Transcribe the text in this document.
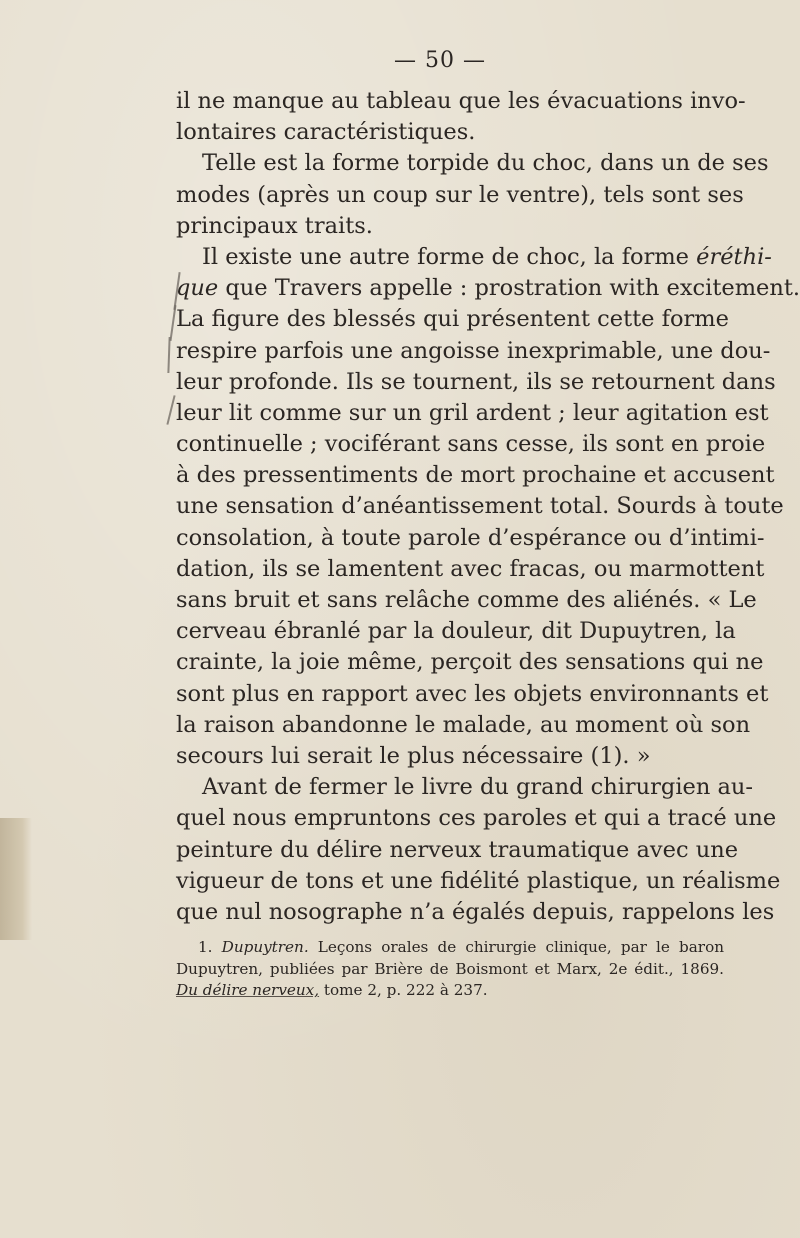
— 50 —
il ne manque au tableau que les évacuations invo-
lontaires caractéristiques.
Telle est la forme torpide du choc, dans un de ses
modes (après un coup sur le ventre), tels sont ses
principaux traits.
Il existe une autre forme de choc, la forme éréthi-
que que Travers appelle : prostration with excitement.
La figure des blessés qui présentent cette forme
respire parfois une angoisse inexprimable, une dou-
leur profonde. Ils se tournent, ils se retournent dans
leur lit comme sur un gril ardent ; leur agitation est
continuelle ; vociférant sans cesse, ils sont en proie
à des pressentiments de mort prochaine et accusent
une sensation d’anéantissement total. Sourds à toute
consolation, à toute parole d’espérance ou d’intimi-
dation, ils se lamentent avec fracas, ou marmottent
sans bruit et sans relâche comme des aliénés. « Le
cerveau ébranlé par la douleur, dit Dupuytren, la
crainte, la joie même, perçoit des sensations qui ne
sont plus en rapport avec les objets environnants et
la raison abandonne le malade, au moment où son
secours lui serait le plus nécessaire (1). »
Avant de fermer le livre du grand chirurgien au-
quel nous empruntons ces paroles et qui a tracé une
peinture du délire nerveux traumatique avec une
vigueur de tons et une fidélité plastique, un réalisme
que nul nosographe n’a égalés depuis, rappelons les
1. Dupuytren. Leçons orales de chirurgie clinique, par le baron
Dupuytren, publiées par Brière de Boismont et Marx, 2e édit., 1869.
Du délire nerveux, tome 2, p. 222 à 237.
